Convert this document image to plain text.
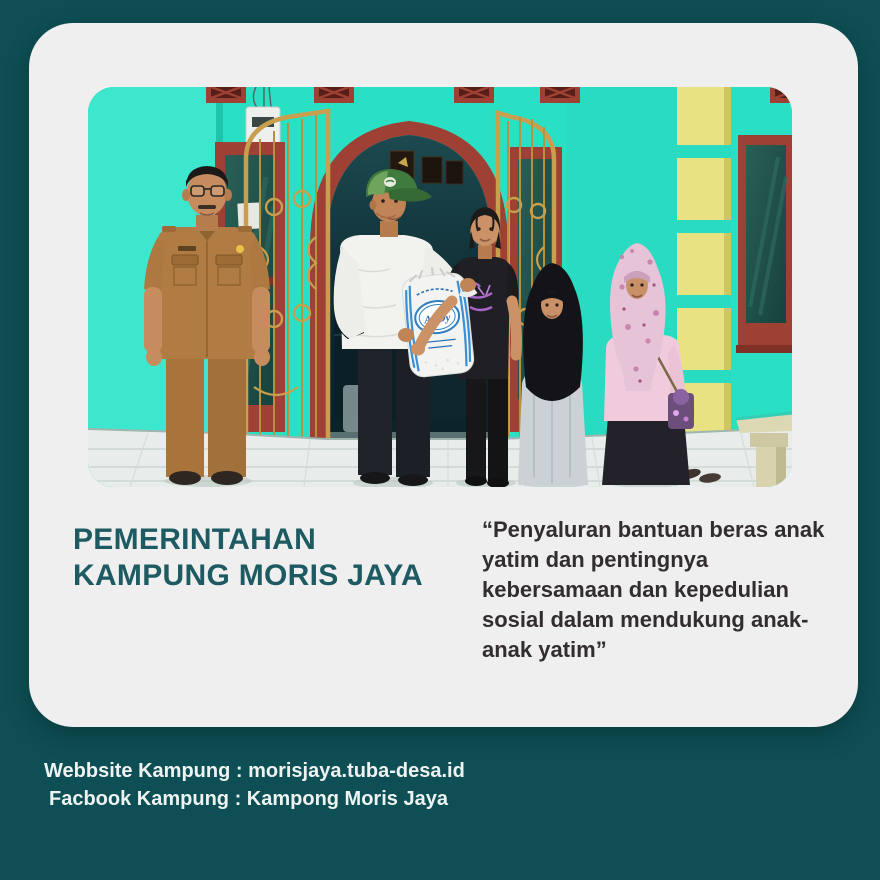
AuDy
PEMERINTAHAN
KAMPUNG MORIS JAYA
“Penyaluran bantuan beras anak yatim dan pentingnya kebersamaan dan kepedulian sosial dalam mendukung anak-anak yatim”
Webbsite Kampung : morisjaya.tuba-desa.id
Facbook Kampung : Kampong Moris Jaya
